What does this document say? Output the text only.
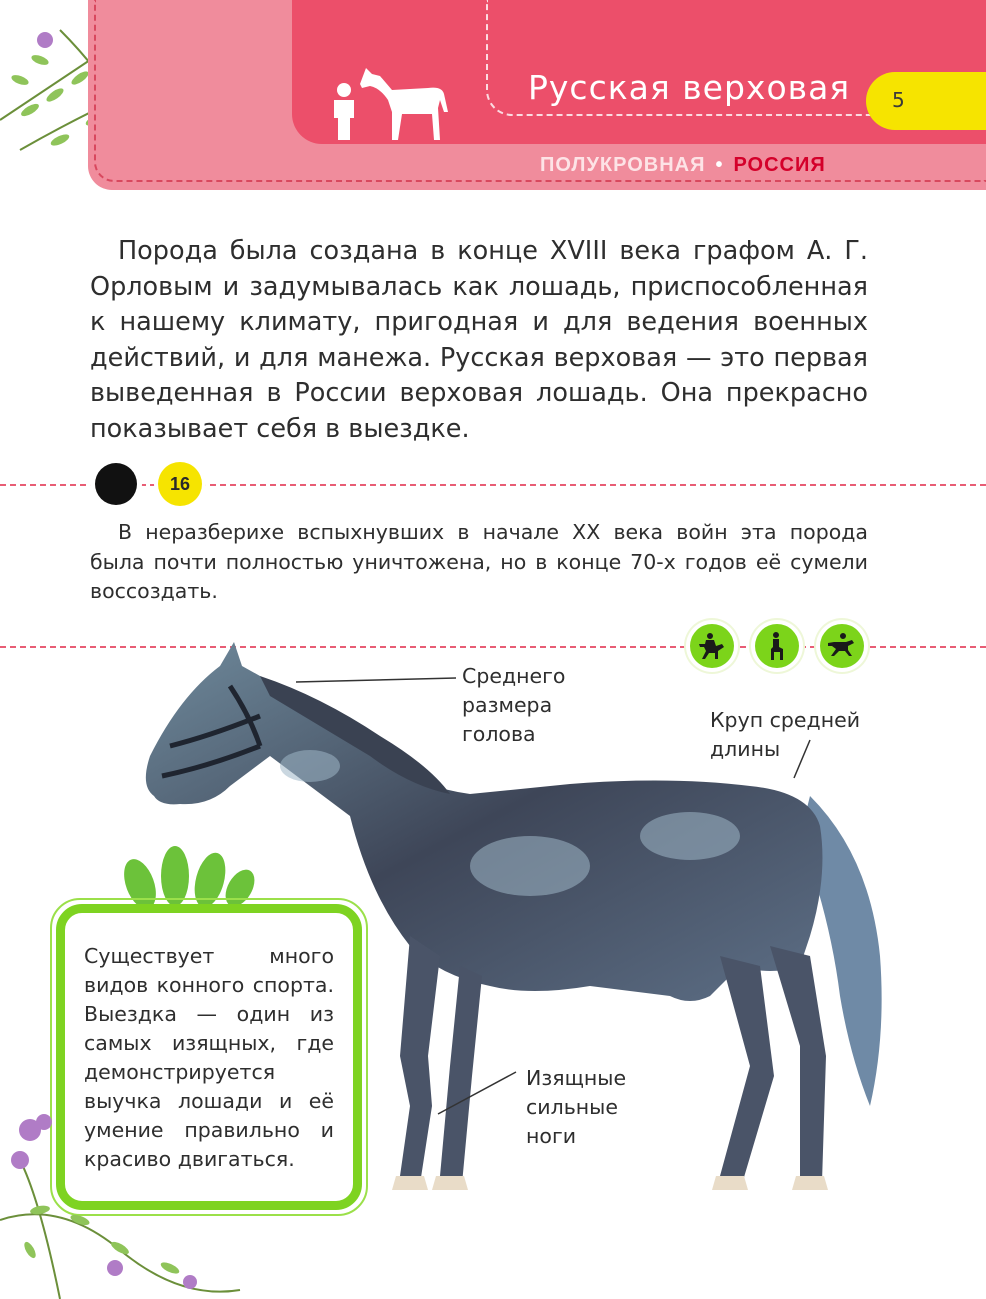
Русская верховая 5
ПОЛУКРОВНАЯ • РОССИЯ
Порода была создана в конце XVIII века графом А. Г. Орловым и задумывалась как лошадь, приспособленная к нашему климату, пригодная и для ведения военных действий, и для манежа. Русская верховая — это первая выведенная в России верховая лошадь. Она прекрасно показывает себя в выездке.
16
В неразберихе вспыхнувших в начале XX века войн эта порода была почти полностью уничтожена, но в конце 70-х годов её сумели воссоздать.
Среднего
размера
голова
Круп средней
длины
Изящные
сильные
ноги
Существует много видов конного спорта. Выездка — один из самых изящных, где демонстрируется выучка лошади и её умение правильно и красиво двигаться.
